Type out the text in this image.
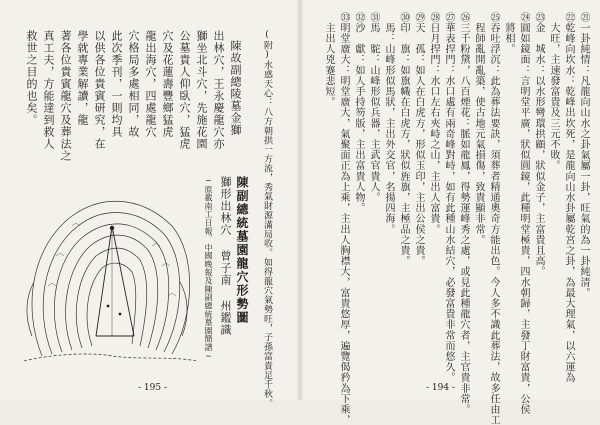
陳故副總陵墓金獅
出林穴，王永慶龍穴亦
獅坐北斗穴，先施花園
公墓貴人仰臥穴，猛虎
穴及花蓮壽豐鄉猛虎
龍出海穴，四處龍穴
穴格局多處相同，故
此次季刊，一則均具
以供各位貴賓研究，在
學就專業解讀，龍
著各位貴賓龍穴及葬法之
真工夫，方能達到救人
救世之目的也矣。	(附)水惑天心：八方朝拱一方流，秀氣財源滿局收。如得龍穴氣勢旺，子孫富貴足千秋。
陳副總統墓園龍穴形勢圖
獅形出林穴 曾子南 州鑑識
~原載南工日報．中國晚報及陳副總統墓園簡譜~
- 195 -
㉑一卦純情：凡龍向山水之卦氣屬一卦，旺氣的為一卦純清。
㉒乾峰向坎水：乾峰出坎死，是龍向山水卦屬乾宮之卦，為最大理氣，以六運為
　大旺，主速發富貴及三元不敗。
㉓金　城水：以水形彎環拱顧，狀似金子，主富貴且高。
㉔圓如鏡面：言明堂平廣，狀似圓鏡，此種明堂極貴，四水朝歸，主發丁財富貴，公侯
　將相。
㉕吞吐浮沉：此為葬法要訣，須葬者精通奧奇方能出色。今人多不識此葬法，故多任由工
　程師亂開亂築，使古地元氣損傷，致貴顯非常。
㉖三千粉黛，八百煙花：脈如龍鳳，得勢運峰秀之處，或見此種龍穴者，主官貴非常。
㉗華表捍門：水口處有兩奇峰對峙，如有此種山水結穴，必發富貴非常而悠久。
㉘日月捍門：水口左右夾峙之山，主出人富貴。
㉙天　孤：如人在白虎方，形似玉印，主出公侯之貴。
㉚印　旗：如旗幟在白虎方，狀似旌旗，主極品之貴。
　馬：山峰形似馬狀，主出外交官，名揚四海。
㉛馬　駝：山峰形似兵器，主武官貴人。
㉜沙　獻：如人手持笏版，主出富貴人物。
㉝明堂廣大：明堂廣大，氣聚面正為上乘，主出人胸襟大，富貴悠厚，遍覽偈矜為下乘，
　主出人兇蹇悲短。
- 194 -
